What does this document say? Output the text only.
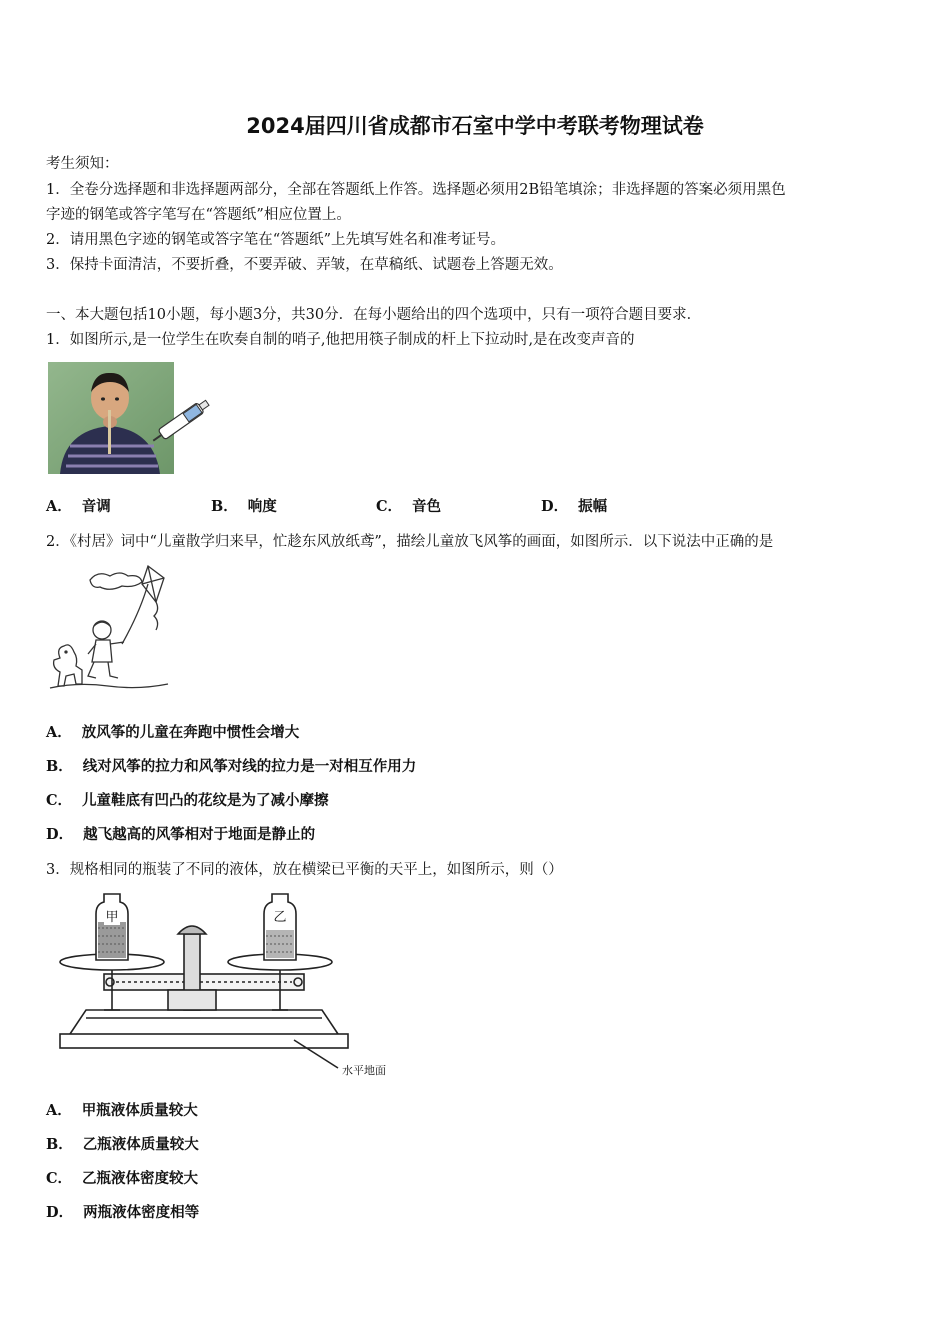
2024届四川省成都市石室中学中考联考物理试卷
考生须知：
1．全卷分选择题和非选择题两部分，全部在答题纸上作答。选择题必须用2B铅笔填涂；非选择题的答案必须用黑色
字迹的钢笔或答字笔写在“答题纸”相应位置上。
2．请用黑色字迹的钢笔或答字笔在“答题纸”上先填写姓名和准考证号。
3．保持卡面清洁，不要折叠，不要弄破、弄皱，在草稿纸、试题卷上答题无效。
一、本大题包括10小题，每小题3分，共30分．在每小题给出的四个选项中，只有一项符合题目要求．
1．如图所示,是一位学生在吹奏自制的哨子,他把用筷子制成的杆上下拉动时,是在改变声音的
A． 音调	B． 响度	C． 音色	D． 振幅
2．《村居》词中“儿童散学归来早，忙趁东风放纸鸢”，描绘儿童放飞风筝的画面，如图所示．以下说法中正确的是
A． 放风筝的儿童在奔跑中惯性会增大
B． 线对风筝的拉力和风筝对线的拉力是一对相互作用力
C． 儿童鞋底有凹凸的花纹是为了减小摩擦
D． 越飞越高的风筝相对于地面是静止的
3．规格相同的瓶装了不同的液体，放在横梁已平衡的天平上，如图所示，则（）
甲	乙
水平地面
A． 甲瓶液体质量较大
B． 乙瓶液体质量较大
C． 乙瓶液体密度较大
D． 两瓶液体密度相等
